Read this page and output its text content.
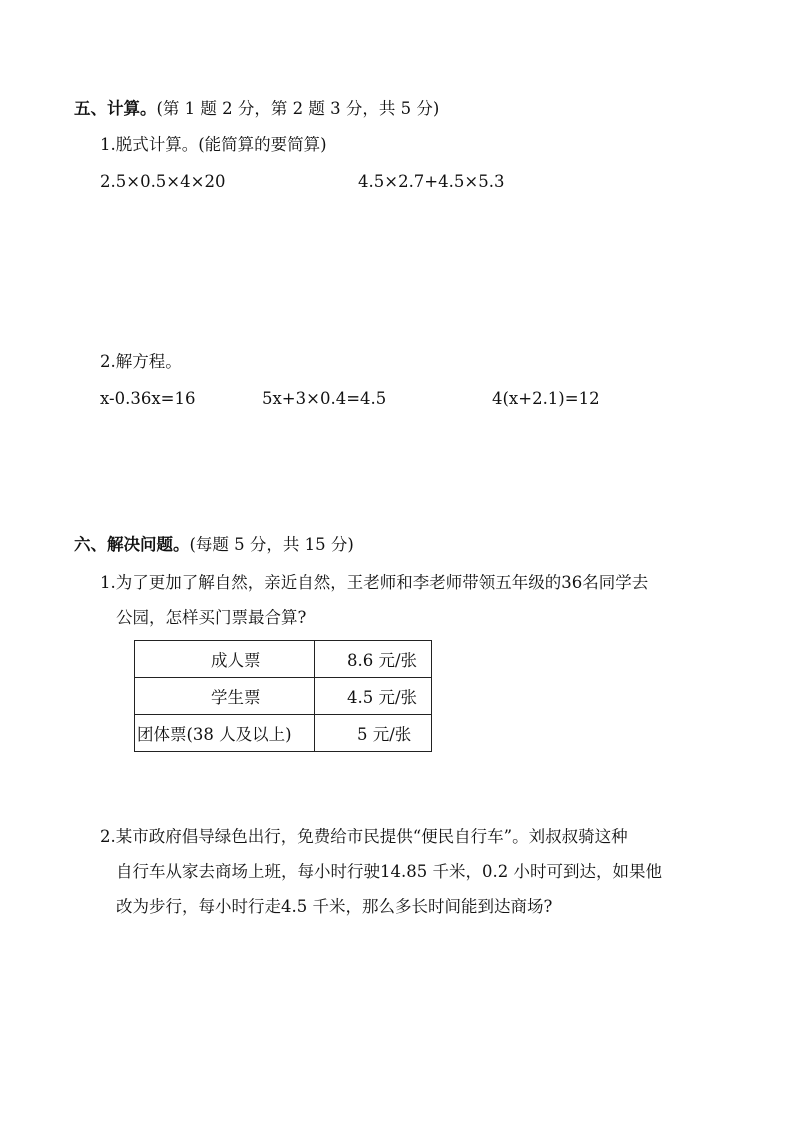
五、计算。(第 1 题 2 分，第 2 题 3 分，共 5 分)
1.脱式计算。(能简算的要简算)
2.5×0.5×4×20	4.5×2.7+4.5×5.3
2.解方程。
x-0.36x=16	5x+3×0.4=4.5	4(x+2.1)=12
六、解决问题。(每题 5 分，共 15 分)
1.为了更加了解自然，亲近自然，王老师和李老师带领五年级的36名同学去
公园，怎样买门票最合算?
成人票	8.6 元/张
学生票	4.5 元/张
团体票(38 人及以上)	5 元/张
2.某市政府倡导绿色出行，免费给市民提供“便民自行车”。刘叔叔骑这种
自行车从家去商场上班，每小时行驶14.85 千米，0.2 小时可到达，如果他
改为步行，每小时行走4.5 千米，那么多长时间能到达商场?
